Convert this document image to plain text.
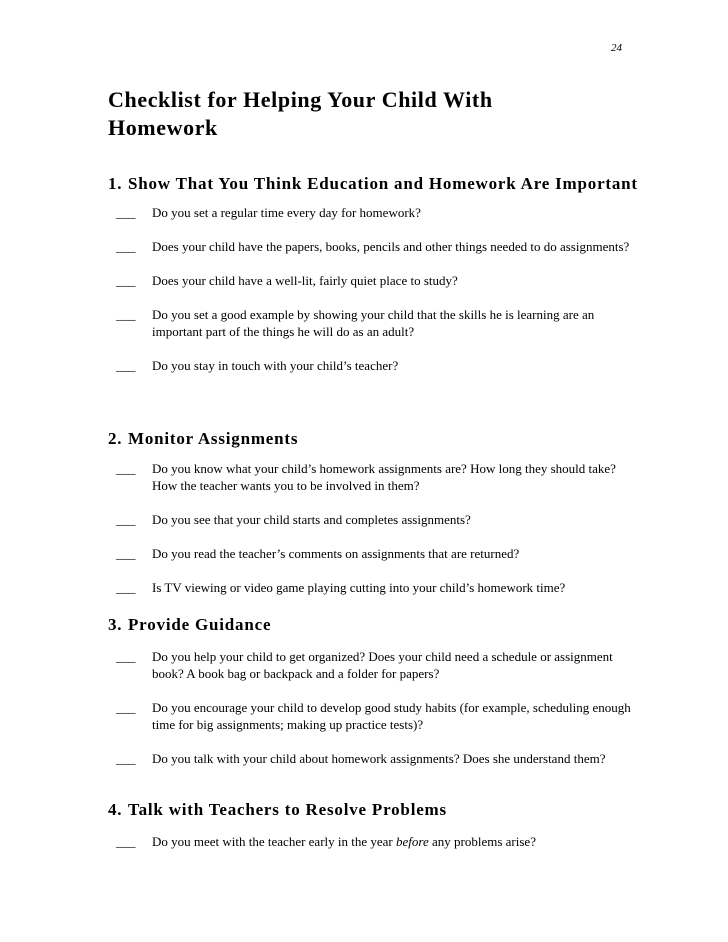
24
Checklist for Helping Your Child With Homework
1. Show That You Think Education and Homework Are Important
___	Do you set a regular time every day for homework?
___	Does your child have the papers, books, pencils and other things needed to do assignments?
___	Does your child have a well-lit, fairly quiet place to study?
___	Do you set a good example by showing your child that the skills he is learning are an important part of the things he will do as an adult?
___	Do you stay in touch with your child’s teacher?
2. Monitor Assignments
___	Do you know what your child’s homework assignments are? How long they should take? How the teacher wants you to be involved in them?
___	Do you see that your child starts and completes assignments?
___	Do you read the teacher’s comments on assignments that are returned?
___	Is TV viewing or video game playing cutting into your child’s homework time?
3. Provide Guidance
___	Do you help your child to get organized? Does your child need a schedule or assignment book? A book bag or backpack and a folder for papers?
___	Do you encourage your child to develop good study habits (for example, scheduling enough time for big assignments; making up practice tests)?
___	Do you talk with your child about homework assignments? Does she understand them?
4. Talk with Teachers to Resolve Problems
___	Do you meet with the teacher early in the year before any problems arise?
